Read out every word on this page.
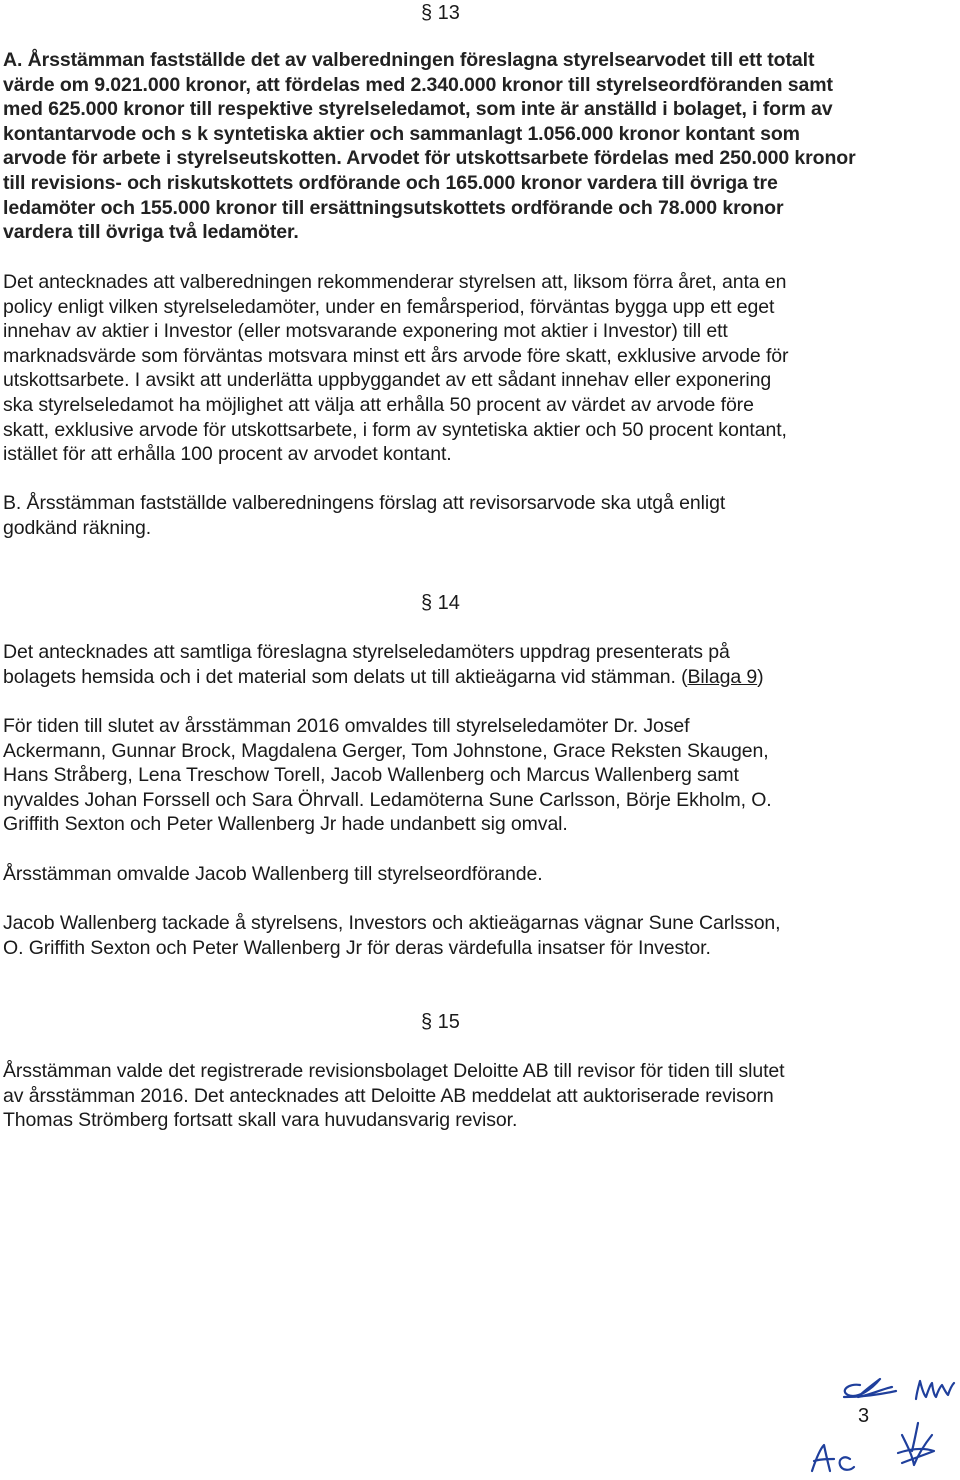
§ 13
A. Årsstämman fastställde det av valberedningen föreslagna styrelsearvodet till ett totalt
värde om 9.021.000 kronor, att fördelas med 2.340.000 kronor till styrelseordföranden samt
med 625.000 kronor till respektive styrelseledamot, som inte är anställd i bolaget, i form av
kontantarvode och s k syntetiska aktier och sammanlagt 1.056.000 kronor kontant som
arvode för arbete i styrelseutskotten. Arvodet för utskottsarbete fördelas med 250.000 kronor
till revisions- och riskutskottets ordförande och 165.000 kronor vardera till övriga tre
ledamöter och 155.000 kronor till ersättningsutskottets ordförande och 78.000 kronor
vardera till övriga två ledamöter.
Det antecknades att valberedningen rekommenderar styrelsen att, liksom förra året, anta en
policy enligt vilken styrelseledamöter, under en femårsperiod, förväntas bygga upp ett eget
innehav av aktier i Investor (eller motsvarande exponering mot aktier i Investor) till ett
marknadsvärde som förväntas motsvara minst ett års arvode före skatt, exklusive arvode för
utskottsarbete. I avsikt att underlätta uppbyggandet av ett sådant innehav eller exponering
ska styrelseledamot ha möjlighet att välja att erhålla 50 procent av värdet av arvode före
skatt, exklusive arvode för utskottsarbete, i form av syntetiska aktier och 50 procent kontant,
istället för att erhålla 100 procent av arvodet kontant.
B. Årsstämman fastställde valberedningens förslag att revisorsarvode ska utgå enligt
godkänd räkning.
§ 14
Det antecknades att samtliga föreslagna styrelseledamöters uppdrag presenterats på
bolagets hemsida och i det material som delats ut till aktieägarna vid stämman. (Bilaga 9)
För tiden till slutet av årsstämman 2016 omvaldes till styrelseledamöter Dr. Josef
Ackermann, Gunnar Brock, Magdalena Gerger, Tom Johnstone, Grace Reksten Skaugen,
Hans Stråberg, Lena Treschow Torell, Jacob Wallenberg och Marcus Wallenberg samt
nyvaldes Johan Forssell och Sara Öhrvall. Ledamöterna Sune Carlsson, Börje Ekholm, O.
Griffith Sexton och Peter Wallenberg Jr hade undanbett sig omval.
Årsstämman omvalde Jacob Wallenberg till styrelseordförande.
Jacob Wallenberg tackade å styrelsens, Investors och aktieägarnas vägnar Sune Carlsson,
O. Griffith Sexton och Peter Wallenberg Jr för deras värdefulla insatser för Investor.
§ 15
Årsstämman valde det registrerade revisionsbolaget Deloitte AB till revisor för tiden till slutet
av årsstämman 2016. Det antecknades att Deloitte AB meddelat att auktoriserade revisorn
Thomas Strömberg fortsatt skall vara huvudansvarig revisor.
3
